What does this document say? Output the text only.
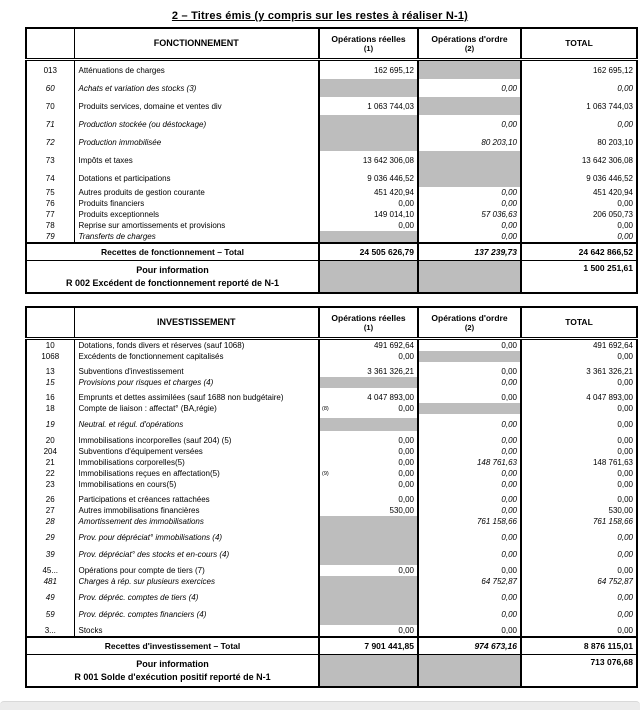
2 – Titres émis (y compris sur les restes à réaliser N-1)
	FONCTIONNEMENT	Opérations réelles
(1)

Opérations d'ordre
(2)
	TOTAL
013	Atténuations de charges	162 695,12		162 695,12
60	Achats et variation des stocks (3)		0,00	0,00
70	Produits services, domaine et ventes div	1 063 744,03		1 063 744,03
71	Production stockée (ou déstockage)		0,00	0,00
72	Production immobilisée		80 203,10	80 203,10
73	Impôts et taxes	13 642 306,08		13 642 306,08
74	Dotations et participations	9 036 446,52		9 036 446,52
75	Autres produits de gestion courante	451 420,94	0,00	451 420,94
76	Produits financiers	0,00	0,00	0,00
77	Produits exceptionnels	149 014,10	57 036,63	206 050,73
78	Reprise sur amortissements et provisions	0,00	0,00	0,00
79	Transferts de charges		0,00	0,00
Recettes de fonctionnement – Total		24 505 626,79	137 239,73	24 642 866,52

Pour information
R 002 Excédent de fonctionnement reporté de N-1				1 500 251,61
	INVESTISSEMENT	Opérations réelles
(1)

Opérations d'ordre
(2)
	TOTAL
10	Dotations, fonds divers et réserves (sauf 1068)	491 692,64	0,00	491 692,64
1068	Excédents de fonctionnement capitalisés	0,00		0,00

13	Subventions d'investissement	3 361 326,21	0,00	3 361 326,21
15	Provisions pour risques et charges (4)		0,00	0,00

16	Emprunts et dettes assimilées (sauf 1688 non budgétaire)	4 047 893,00	0,00	4 047 893,00
18	Compte de liaison : affectat° (BA,régie)	(8) 0,00		0,00

19	Neutral. et régul. d'opérations		0,00	0,00

20	Immobilisations incorporelles (sauf 204) (5)	0,00	0,00	0,00
204	Subventions d'équipement versées	0,00	0,00	0,00
21	Immobilisations corporelles(5)	0,00	148 761,63	148 761,63
22	Immobilisations reçues en affectation(5)	(9) 0,00	0,00	0,00
23	Immobilisations en cours(5)	0,00	0,00	0,00

26	Participations et créances rattachées	0,00	0,00	0,00
27	Autres immobilisations financières	530,00	0,00	530,00
28	Amortissement des immobilisations		761 158,66	761 158,66

29	Prov. pour dépréciat° immobilisations (4)		0,00	0,00

39	Prov. dépréciat° des stocks et en-cours (4)		0,00	0,00

45...	Opérations pour compte de tiers (7)	0,00	0,00	0,00
481	Charges à rép. sur plusieurs exercices		64 752,87	64 752,87

49	Prov. dépréc. comptes de tiers (4)		0,00	0,00

59	Prov. dépréc. comptes financiers (4)		0,00	0,00

3...	Stocks	0,00	0,00	0,00
Recettes d'investissement – Total		7 901 441,85	974 673,16	8 876 115,01

Pour information
R 001 Solde d'exécution positif reporté de N-1				713 076,68
